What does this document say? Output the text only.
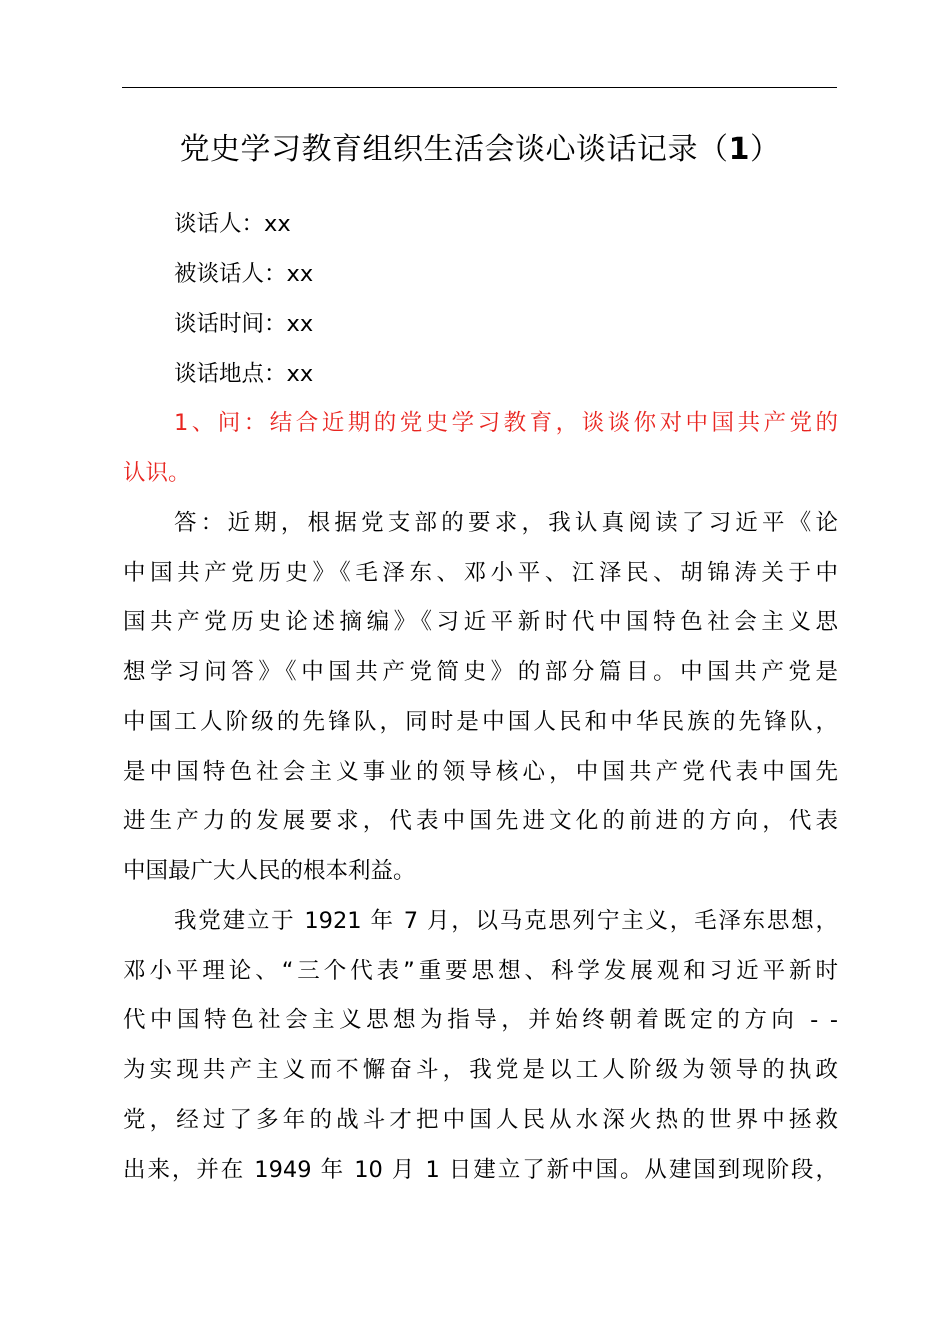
党史学习教育组织生活会谈心谈话记录（1）
谈话人：xx
被谈话人：xx
谈话时间：xx
谈话地点：xx
1、问：结合近期的党史学习教育，谈谈你对中国共产党的
认识。
答：近期，根据党支部的要求，我认真阅读了习近平《论
中国共产党历史》《毛泽东、邓小平、江泽民、胡锦涛关于中
国共产党历史论述摘编》《习近平新时代中国特色社会主义思
想学习问答》《中国共产党简史》的部分篇目。中国共产党是
中国工人阶级的先锋队，同时是中国人民和中华民族的先锋队，
是中国特色社会主义事业的领导核心，中国共产党代表中国先
进生产力的发展要求，代表中国先进文化的前进的方向，代表
中国最广大人民的根本利益。
我党建立于 1921 年 7 月，以马克思列宁主义，毛泽东思想，
邓小平理论、“三个代表”重要思想、科学发展观和习近平新时
代中国特色社会主义思想为指导，并始终朝着既定的方向 - -
为实现共产主义而不懈奋斗，我党是以工人阶级为领导的执政
党，经过了多年的战斗才把中国人民从水深火热的世界中拯救
出来，并在 1949 年 10 月 1 日建立了新中国。从建国到现阶段，
